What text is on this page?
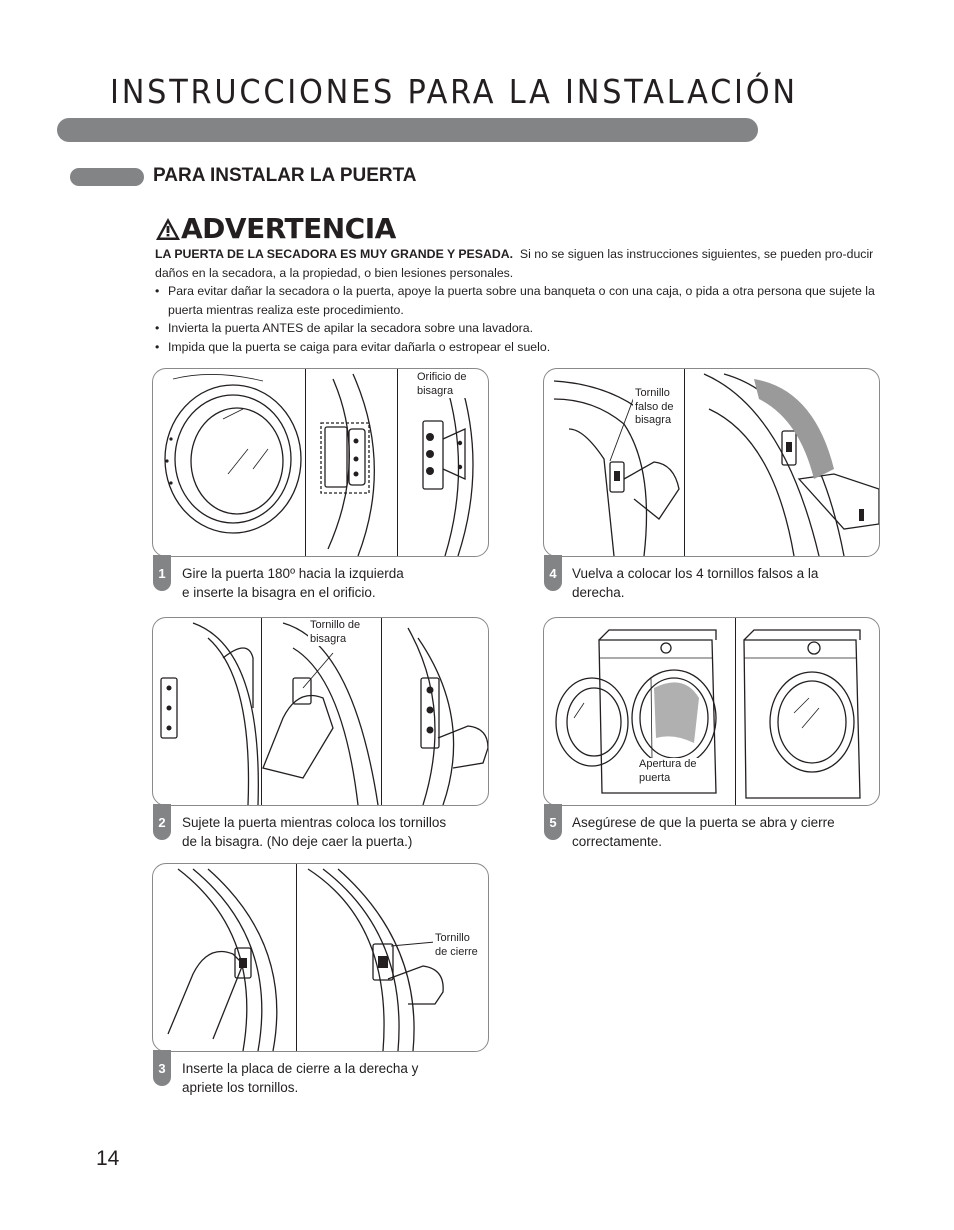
INSTRUCCIONES PARA LA INSTALACIÓN
PARA INSTALAR LA PUERTA
ADVERTENCIA
LA PUERTA DE LA SECADORA ES MUY GRANDE Y PESADA. Si no se siguen las instrucciones siguientes, se pueden pro-ducir daños en la secadora, a la propiedad, o bien lesiones personales.
• Para evitar dañar la secadora o la puerta, apoye la puerta sobre una banqueta o con una caja, o pida a otra persona que sujete la puerta mientras realiza este procedimiento.
• Invierta la puerta ANTES de apilar la secadora sobre una lavadora.
• Impida que la puerta se caiga para evitar dañarla o estropear el suelo.
Orificio de
bisagra
1	Gire la puerta 180º hacia la izquierda
e inserte la bisagra en el orificio.
Tornillo de
bisagra
2	Sujete la puerta mientras coloca los tornillos
de la bisagra. (No deje caer la puerta.)
Tornillo
de cierre
3	Inserte la placa de cierre a la derecha y
apriete los tornillos.
Tornillo
falso de
bisagra
4	Vuelva a colocar los 4 tornillos falsos a la
derecha.
Apertura de
puerta
5	Asegúrese de que la puerta se abra y cierre
correctamente.
14
